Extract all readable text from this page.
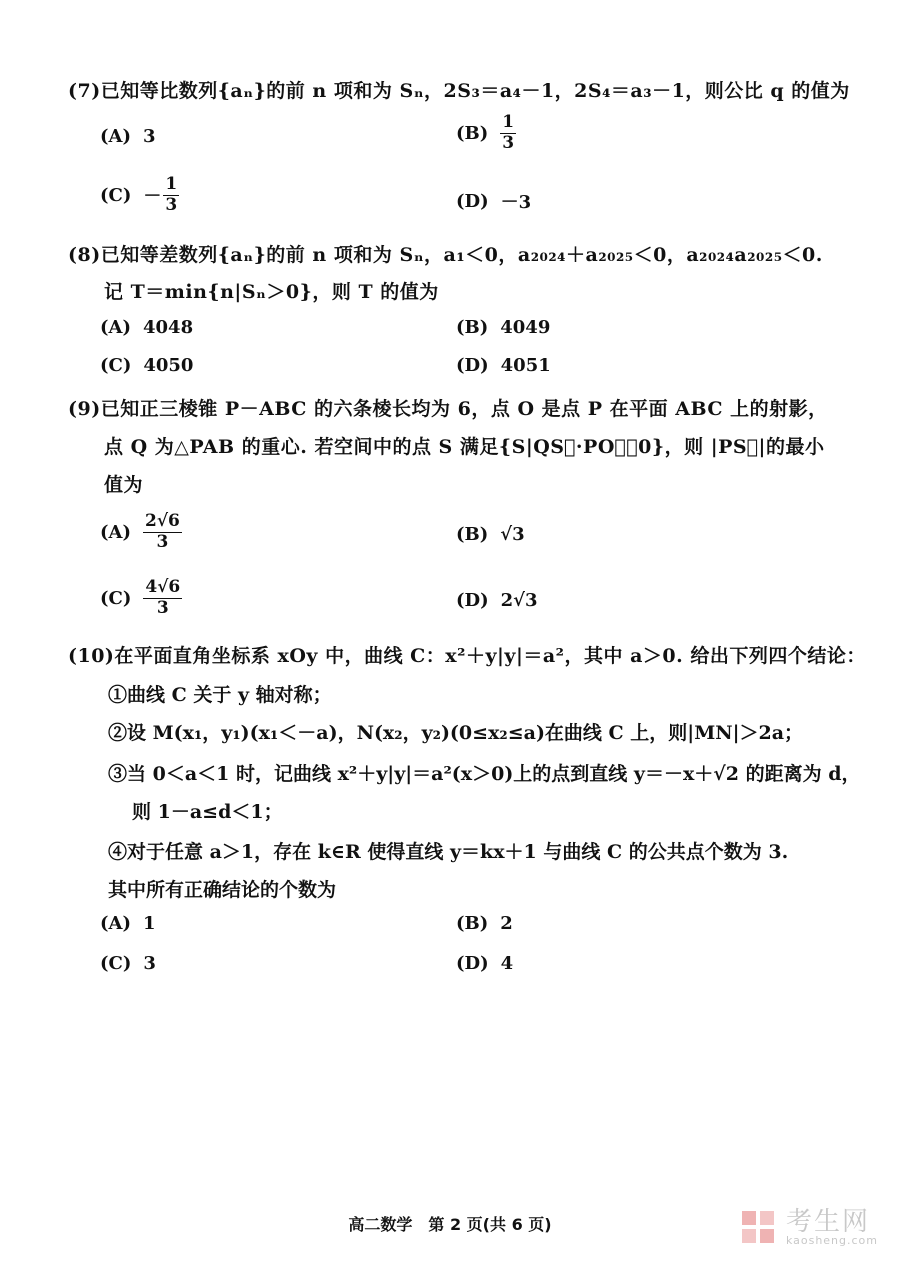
(7)已知等比数列{aₙ}的前 n 项和为 Sₙ，2S₃＝a₄－1，2S₄＝a₃－1，则公比 q 的值为
(A) 3	$(B) \frac{1}{3}$
$(C) - \frac{1}{3}$	(D) －3
(8)已知等差数列{aₙ}的前 n 项和为 Sₙ，a₁＜0，a₂₀₂₄＋a₂₀₂₅＜0，a₂₀₂₄a₂₀₂₅＜0.
记 T＝min{n|Sₙ＞0}，则 T 的值为
(A) 4048	(B) 4049
(C) 4050	(D) 4051
(9)已知正三棱锥 P－ABC 的六条棱长均为 6，点 O 是点 P 在平面 ABC 上的射影，
点 Q 为△PAB 的重心. 若空间中的点 S 满足{S|QS⃗·PO⃗＝0}，则 |PS⃗|的最小
值为
$(A) \frac{2√6}{3}$	(B) √3
$(C) \frac{4√6}{3}$	(D) 2√3
(10)在平面直角坐标系 xOy 中，曲线 C：x²＋y|y|＝a²，其中 a＞0. 给出下列四个结论：
①曲线 C 关于 y 轴对称；
②设 M(x₁，y₁)(x₁＜－a)，N(x₂，y₂)(0≤x₂≤a)在曲线 C 上，则|MN|＞2a；
③当 0＜a＜1 时，记曲线 x²＋y|y|＝a²(x＞0)上的点到直线 y＝－x＋√2 的距离为 d，
则 1－a≤d＜1；
④对于任意 a＞1，存在 k∈R 使得直线 y＝kx＋1 与曲线 C 的公共点个数为 3.
其中所有正确结论的个数为
(A) 1	(B) 2
(C) 3	(D) 4
高二数学　第 2 页(共 6 页)	考生网
kaosheng.com
